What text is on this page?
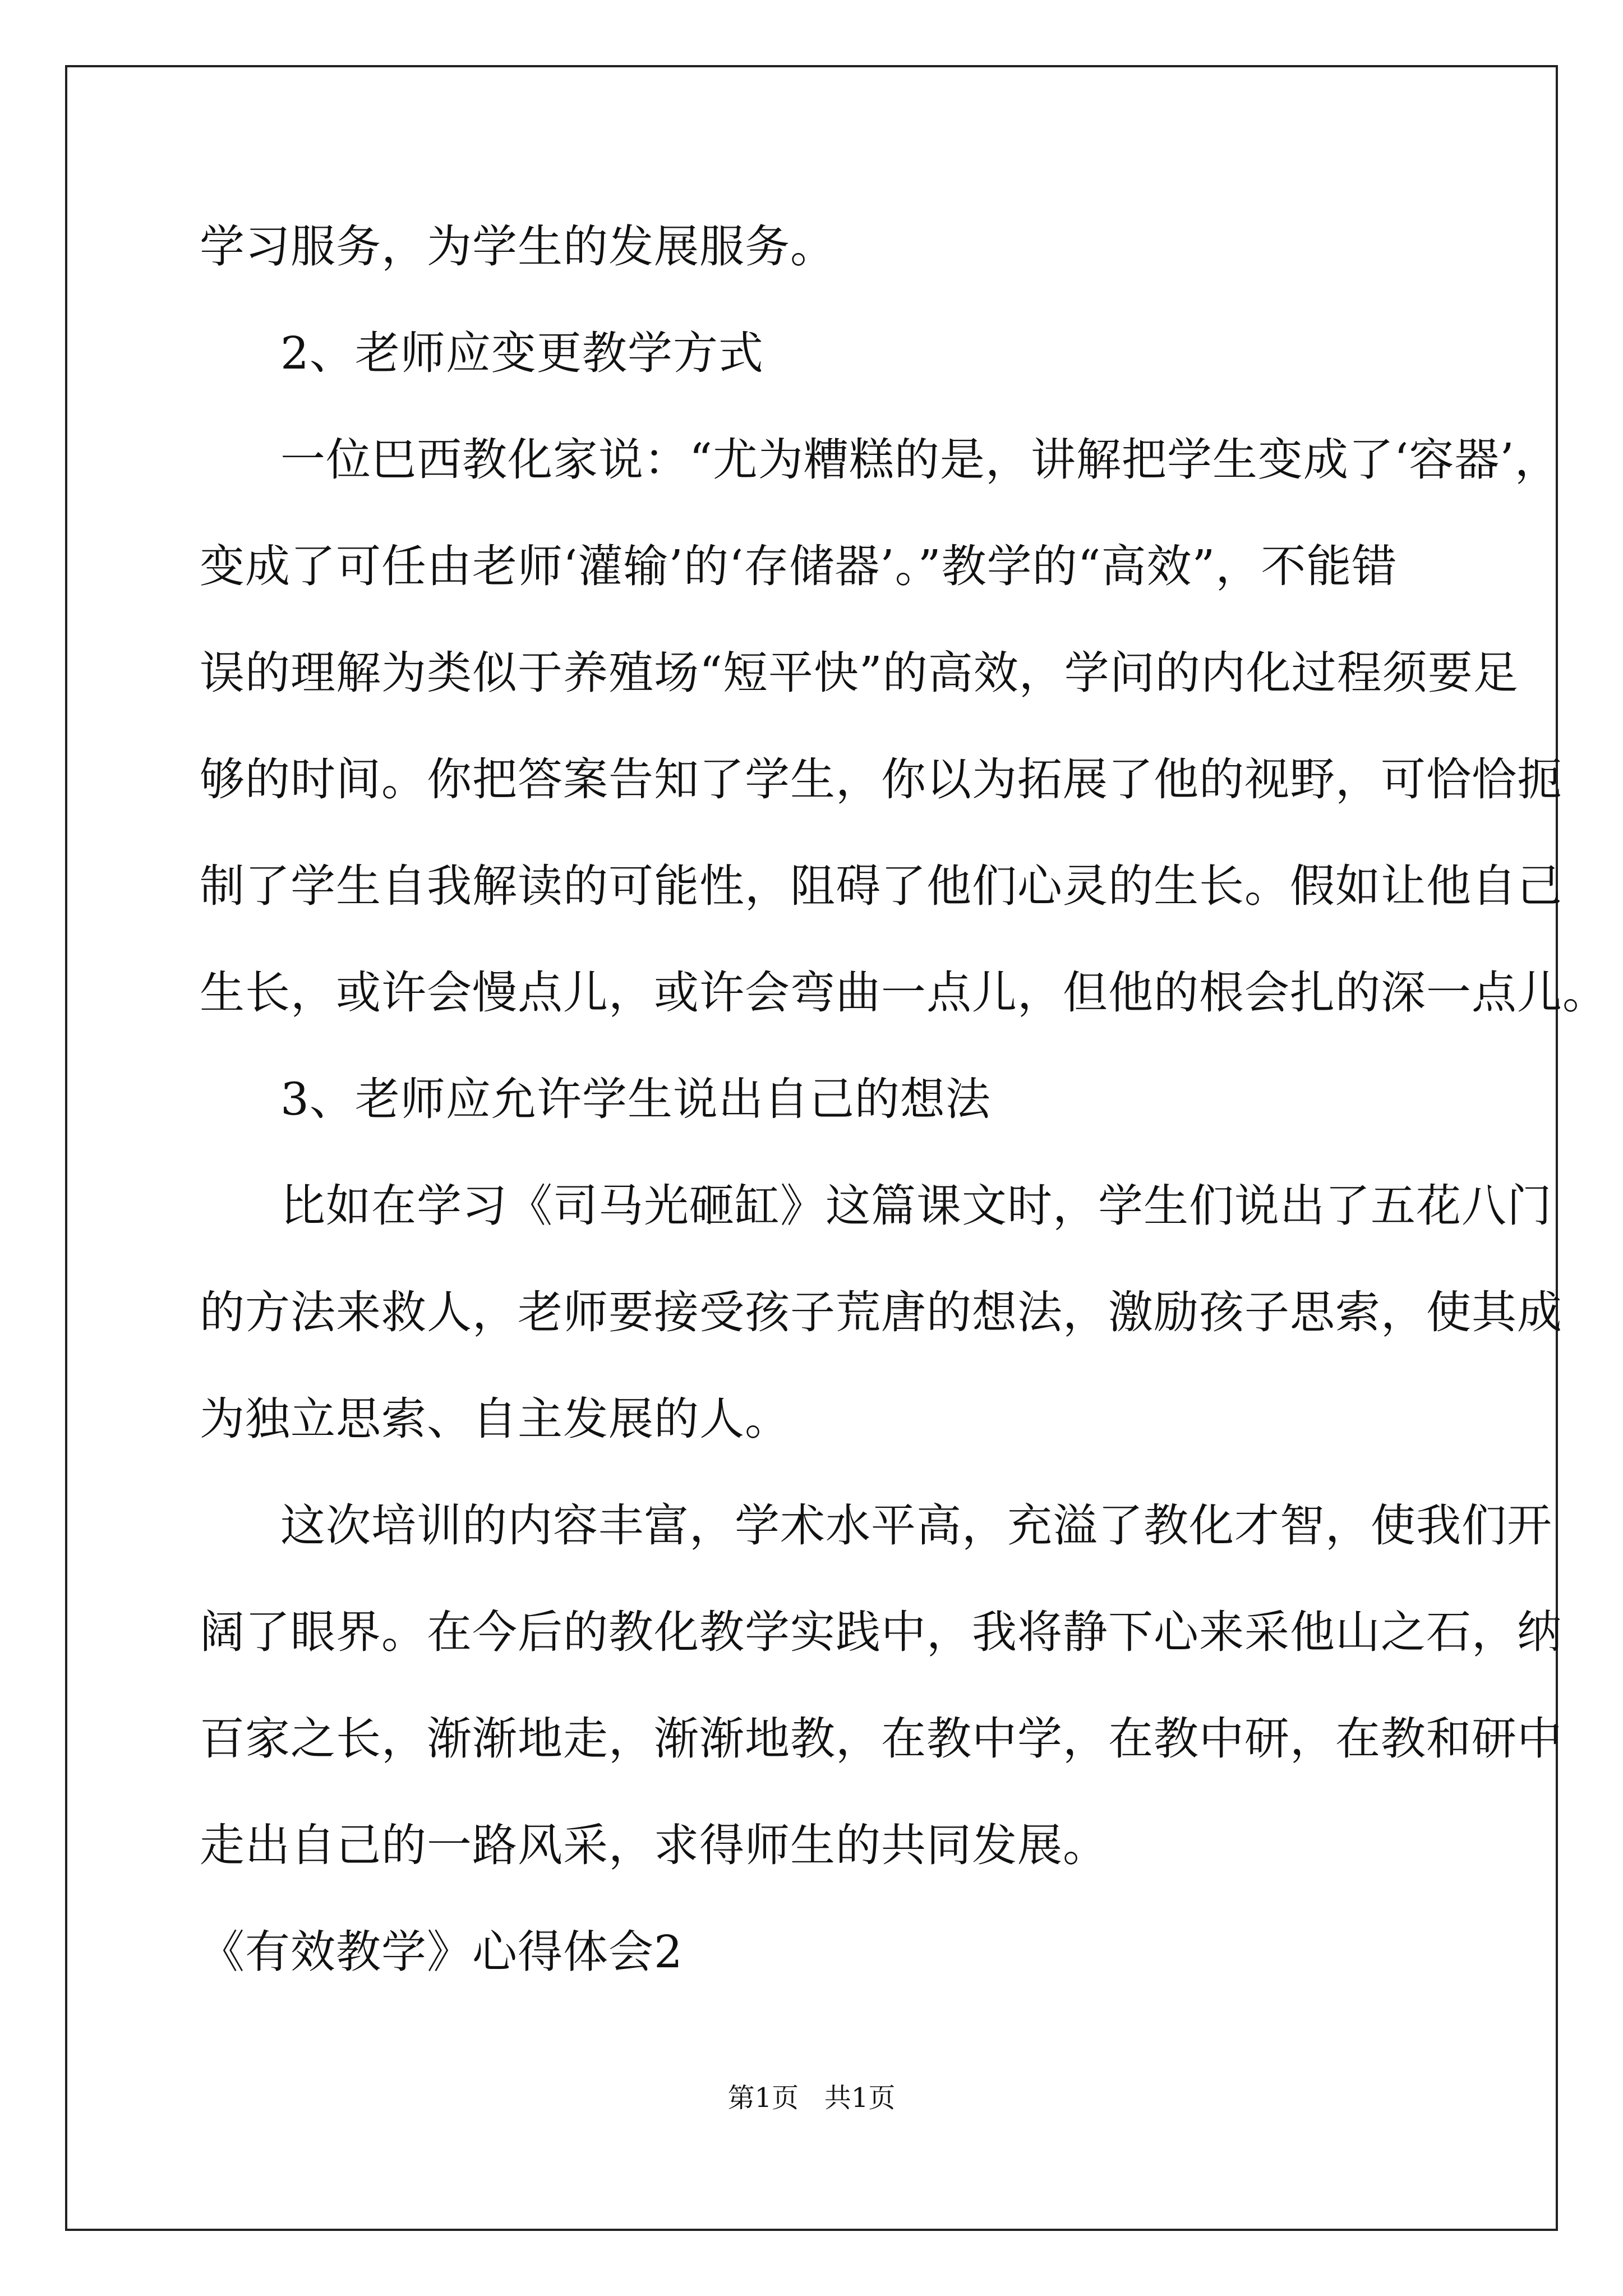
学习服务，为学生的发展服务。
2、老师应变更教学方式
一位巴西教化家说：“尤为糟糕的是，讲解把学生变成了‘容器’，
变成了可任由老师‘灌输’的‘存储器’。”教学的“高效”，不能错
误的理解为类似于养殖场“短平快”的高效，学问的内化过程须要足
够的时间。你把答案告知了学生，你以为拓展了他的视野，可恰恰扼
制了学生自我解读的可能性，阻碍了他们心灵的生长。假如让他自己
生长，或许会慢点儿，或许会弯曲一点儿，但他的根会扎的深一点儿。
3、老师应允许学生说出自己的想法
比如在学习《司马光砸缸》这篇课文时，学生们说出了五花八门
的方法来救人，老师要接受孩子荒唐的想法，激励孩子思索，使其成
为独立思索、自主发展的人。
这次培训的内容丰富，学术水平高，充溢了教化才智，使我们开
阔了眼界。在今后的教化教学实践中，我将静下心来采他山之石，纳
百家之长，渐渐地走，渐渐地教，在教中学，在教中研，在教和研中
走出自己的一路风采，求得师生的共同发展。
《有效教学》心得体会2
第1页   共1页
